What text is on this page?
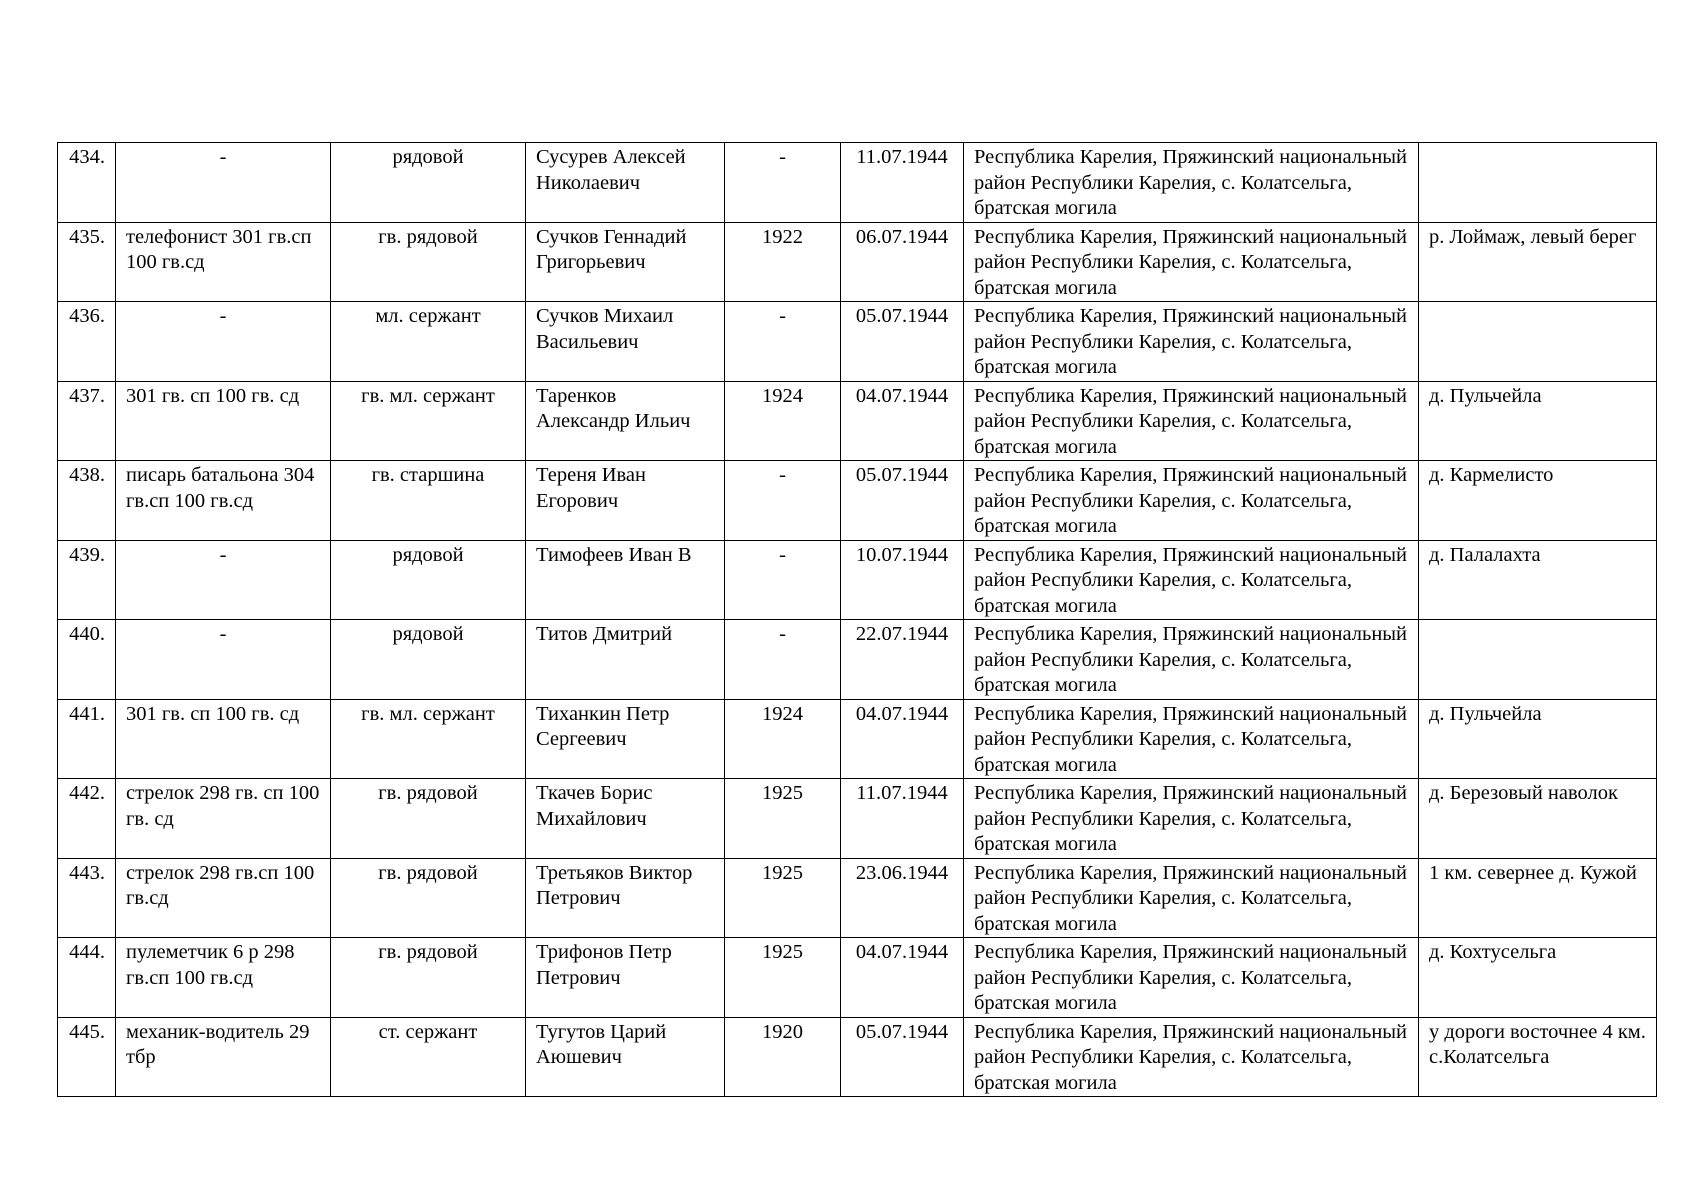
434.	-	рядовой	Сусурев Алексей Николаевич	-	11.07.1944	Республика Карелия, Пряжинский национальный район Республики Карелия, с. Колатсельга, братская могила	
435.	телефонист 301 гв.сп 100 гв.сд	гв. рядовой	Сучков Геннадий Григорьевич	1922	06.07.1944	Республика Карелия, Пряжинский национальный район Республики Карелия, с. Колатсельга, братская могила	р. Лоймаж, левый берег
436.	-	мл. сержант	Сучков Михаил Васильевич	-	05.07.1944	Республика Карелия, Пряжинский национальный район Республики Карелия, с. Колатсельга, братская могила	
437.	301 гв. сп 100 гв. сд	гв. мл. сержант	Таренков Александр Ильич	1924	04.07.1944	Республика Карелия, Пряжинский национальный район Республики Карелия, с. Колатсельга, братская могила	д. Пульчейла
438.	писарь батальона 304 гв.сп 100 гв.сд	гв. старшина	Тереня Иван Егорович	-	05.07.1944	Республика Карелия, Пряжинский национальный район Республики Карелия, с. Колатсельга, братская могила	д. Кармелисто
439.	-	рядовой	Тимофеев Иван В	-	10.07.1944	Республика Карелия, Пряжинский национальный район Республики Карелия, с. Колатсельга, братская могила	д. Палалахта
440.	-	рядовой	Титов Дмитрий	-	22.07.1944	Республика Карелия, Пряжинский национальный район Республики Карелия, с. Колатсельга, братская могила	
441.	301 гв. сп 100 гв. сд	гв. мл. сержант	Тиханкин Петр Сергеевич	1924	04.07.1944	Республика Карелия, Пряжинский национальный район Республики Карелия, с. Колатсельга, братская могила	д. Пульчейла
442.	стрелок 298 гв. сп 100 гв. сд	гв. рядовой	Ткачев Борис Михайлович	1925	11.07.1944	Республика Карелия, Пряжинский национальный район Республики Карелия, с. Колатсельга, братская могила	д. Березовый наволок
443.	стрелок 298 гв.сп 100 гв.сд	гв. рядовой	Третьяков Виктор Петрович	1925	23.06.1944	Республика Карелия, Пряжинский национальный район Республики Карелия, с. Колатсельга, братская могила	1 км. севернее д. Кужой
444.	пулеметчик 6 р 298 гв.сп 100 гв.сд	гв. рядовой	Трифонов Петр Петрович	1925	04.07.1944	Республика Карелия, Пряжинский национальный район Республики Карелия, с. Колатсельга, братская могила	д. Кохтусельга
445.	механик-водитель 29 тбр	ст. сержант	Тугутов Царий Аюшевич	1920	05.07.1944	Республика Карелия, Пряжинский национальный район Республики Карелия, с. Колатсельга, братская могила	у дороги восточнее 4 км. с.Колатсельга
